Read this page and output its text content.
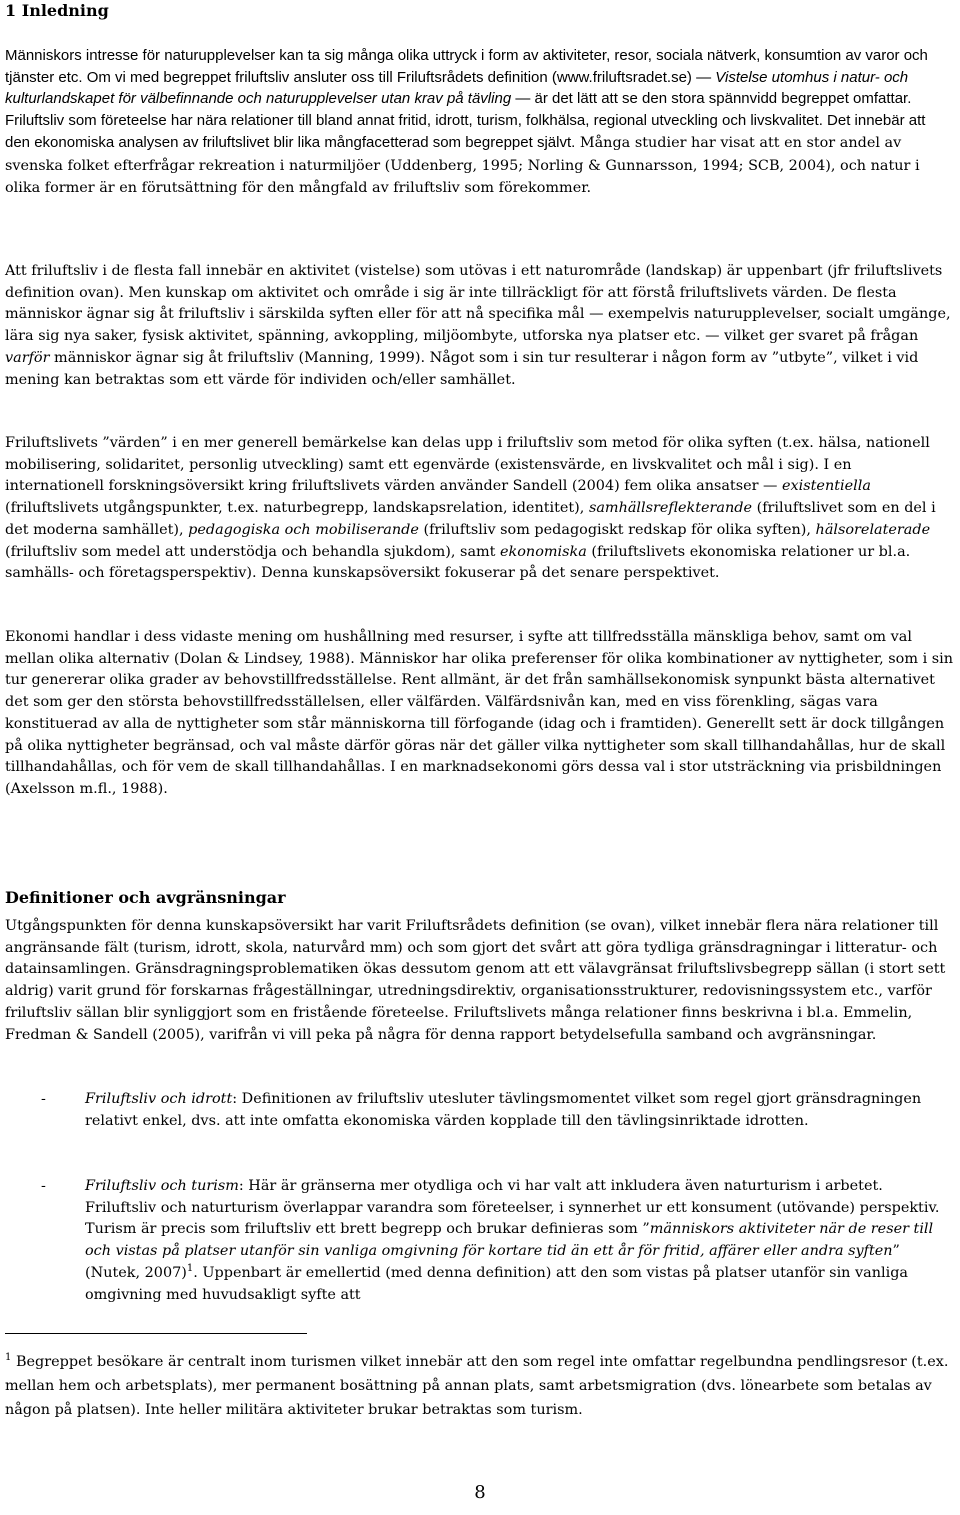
1 Inledning
Människors intresse för naturupplevelser kan ta sig många olika uttryck i form av aktiviteter, resor, sociala nätverk, konsumtion av varor och tjänster etc. Om vi med begreppet friluftsliv ansluter oss till Friluftsrådets definition (www.friluftsradet.se) — Vistelse utomhus i natur- och kulturlandskapet för välbefinnande och naturupplevelser utan krav på tävling — är det lätt att se den stora spännvidd begreppet omfattar. Friluftsliv som företeelse har nära relationer till bland annat fritid, idrott, turism, folkhälsa, regional utveckling och livskvalitet. Det innebär att den ekonomiska analysen av friluftslivet blir lika mångfacetterad som begreppet självt. Många studier har visat att en stor andel av svenska folket efterfrågar rekreation i naturmiljöer (Uddenberg, 1995; Norling & Gunnarsson, 1994; SCB, 2004), och natur i olika former är en förutsättning för den mångfald av friluftsliv som förekommer.
Att friluftsliv i de flesta fall innebär en aktivitet (vistelse) som utövas i ett naturområde (landskap) är uppenbart (jfr friluftslivets definition ovan). Men kunskap om aktivitet och område i sig är inte tillräckligt för att förstå friluftslivets värden. De flesta människor ägnar sig åt friluftsliv i särskilda syften eller för att nå specifika mål — exempelvis naturupplevelser, socialt umgänge, lära sig nya saker, fysisk aktivitet, spänning, avkoppling, miljöombyte, utforska nya platser etc. — vilket ger svaret på frågan varför människor ägnar sig åt friluftsliv (Manning, 1999). Något som i sin tur resulterar i någon form av ”utbyte”, vilket i vid mening kan betraktas som ett värde för individen och/eller samhället.
Friluftslivets ”värden” i en mer generell bemärkelse kan delas upp i friluftsliv som metod för olika syften (t.ex. hälsa, nationell mobilisering, solidaritet, personlig utveckling) samt ett egenvärde (existensvärde, en livskvalitet och mål i sig). I en internationell forskningsöversikt kring friluftslivets värden använder Sandell (2004) fem olika ansatser — existentiella (friluftslivets utgångspunkter, t.ex. naturbegrepp, landskapsrelation, identitet), samhällsreflekterande (friluftslivet som en del i det moderna samhället), pedagogiska och mobiliserande (friluftsliv som pedagogiskt redskap för olika syften), hälsorelaterade (friluftsliv som medel att understödja och behandla sjukdom), samt ekonomiska (friluftslivets ekonomiska relationer ur bl.a. samhälls- och företagsperspektiv). Denna kunskapsöversikt fokuserar på det senare perspektivet.
Ekonomi handlar i dess vidaste mening om hushållning med resurser, i syfte att tillfredsställa mänskliga behov, samt om val mellan olika alternativ (Dolan & Lindsey, 1988). Människor har olika preferenser för olika kombinationer av nyttigheter, som i sin tur genererar olika grader av behovstillfredsställelse. Rent allmänt, är det från samhällsekonomisk synpunkt bästa alternativet det som ger den största behovstillfredsställelsen, eller välfärden. Välfärdsnivån kan, med en viss förenkling, sägas vara konstituerad av alla de nyttigheter som står människorna till förfogande (idag och i framtiden). Generellt sett är dock tillgången på olika nyttigheter begränsad, och val måste därför göras när det gäller vilka nyttigheter som skall tillhandahållas, hur de skall tillhandahållas, och för vem de skall tillhandahållas. I en marknadsekonomi görs dessa val i stor utsträckning via prisbildningen (Axelsson m.fl., 1988).
Definitioner och avgränsningar
Utgångspunkten för denna kunskapsöversikt har varit Friluftsrådets definition (se ovan), vilket innebär flera nära relationer till angränsande fält (turism, idrott, skola, naturvård mm) och som gjort det svårt att göra tydliga gränsdragningar i litteratur- och datainsamlingen. Gränsdragningsproblematiken ökas dessutom genom att ett välavgränsat friluftslivsbegrepp sällan (i stort sett aldrig) varit grund för forskarnas frågeställningar, utredningsdirektiv, organisationsstrukturer, redovisningssystem etc., varför friluftsliv sällan blir synliggjort som en fristående företeelse. Friluftslivets många relationer finns beskrivna i bl.a. Emmelin, Fredman & Sandell (2005), varifrån vi vill peka på några för denna rapport betydelsefulla samband och avgränsningar.
-	Friluftsliv och idrott: Definitionen av friluftsliv utesluter tävlingsmomentet vilket som regel gjort gränsdragningen relativt enkel, dvs. att inte omfatta ekonomiska värden kopplade till den tävlingsinriktade idrotten.
-	Friluftsliv och turism: Här är gränserna mer otydliga och vi har valt att inkludera även naturturism i arbetet. Friluftsliv och naturturism överlappar varandra som företeelser, i synnerhet ur ett konsument (utövande) perspektiv. Turism är precis som friluftsliv ett brett begrepp och brukar definieras som ”människors aktiviteter när de reser till och vistas på platser utanför sin vanliga omgivning för kortare tid än ett år för fritid, affärer eller andra syften” (Nutek, 2007)$^1$. Uppenbart är emellertid (med denna definition) att den som vistas på platser utanför sin vanliga omgivning med huvudsakligt syfte att
$^1$ Begreppet besökare är centralt inom turismen vilket innebär att den som regel inte omfattar regelbundna pendlingsresor (t.ex. mellan hem och arbetsplats), mer permanent bosättning på annan plats, samt arbetsmigration (dvs. lönearbete som betalas av någon på platsen). Inte heller militära aktiviteter brukar betraktas som turism.
8
